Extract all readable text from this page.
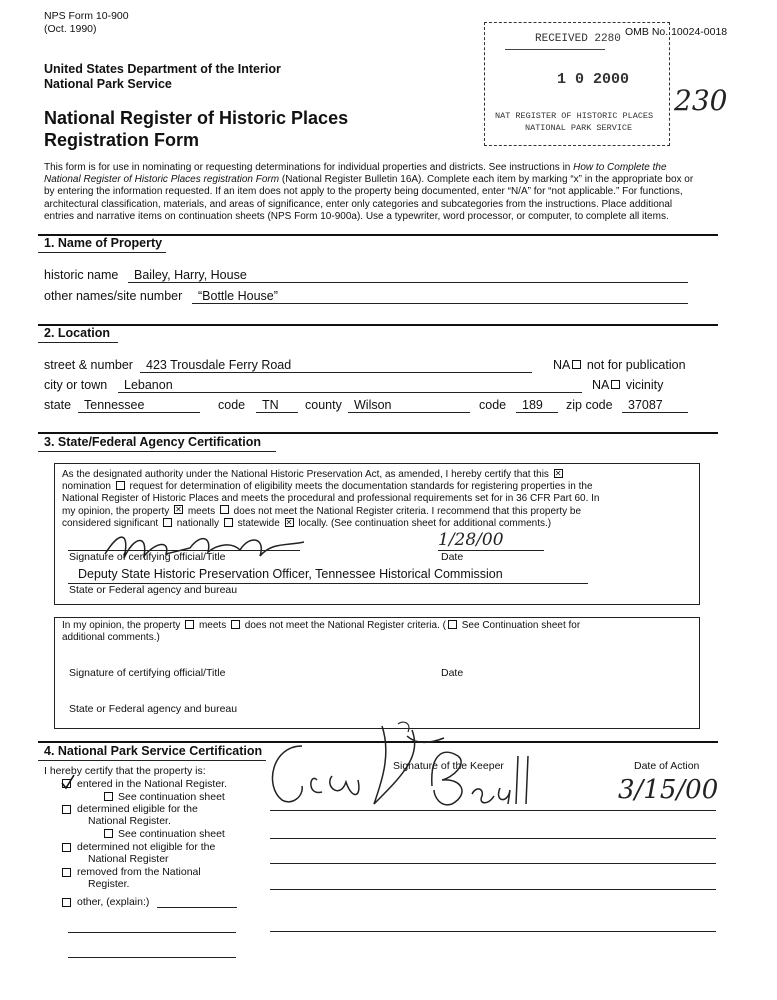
NPS Form 10-900
(Oct. 1990)
United States Department of the Interior
National Park Service
National Register of Historic Places
Registration Form
OMB No. 10024-0018
RECEIVED 2280
1 0 2000
NAT REGISTER OF HISTORIC PLACES
NATIONAL PARK SERVICE
230
This form is for use in nominating or requesting determinations for individual properties and districts. See instructions in How to Complete the
National Register of Historic Places registration Form (National Register Bulletin 16A). Complete each item by marking “x” in the appropriate box or
by entering the information requested. If an item does not apply to the property being documented, enter “N/A” for “not applicable.” For functions,
architectural classification, materials, and areas of significance, enter only categories and subcategories from the instructions. Place additional
entries and narrative items on continuation sheets (NPS Form 10-900a). Use a typewriter, word processor, or computer, to complete all items.
1. Name of Property
historic name	Bailey, Harry, House
other names/site number	“Bottle House”
2. Location
street & number	423 Trousdale Ferry Road	NA not for publication
city or town	Lebanon	NA vicinity
state	Tennessee	code	TN	county Wilson	code	189	zip code	37087
3. State/Federal Agency Certification
As the designated authority under the National Historic Preservation Act, as amended, I hereby certify that this ✕
nomination request for determination of eligibility meets the documentation standards for registering properties in the
National Register of Historic Places and meets the procedural and professional requirements set for in 36 CFR Part 60. In
my opinion, the property ✕ meets does not meet the National Register criteria. I recommend that this property be
considered significant nationally statewide ✕ locally. (See continuation sheet for additional comments.)
Signature of certifying official/Title
1/28/00
Date
Deputy State Historic Preservation Officer, Tennessee Historical Commission
State or Federal agency and bureau
In my opinion, the property meets does not meet the National Register criteria. ( See Continuation sheet for
additional comments.)
Signature of certifying official/Title	Date
State or Federal agency and bureau
4. National Park Service Certification
I hereby certify that the property is:
entered in the National Register.
See continuation sheet
determined eligible for the
National Register.
See continuation sheet
determined not eligible for the
National Register
removed from the National
Register.
other, (explain:)
Signature of the Keeper	Date of Action
3/15/00
